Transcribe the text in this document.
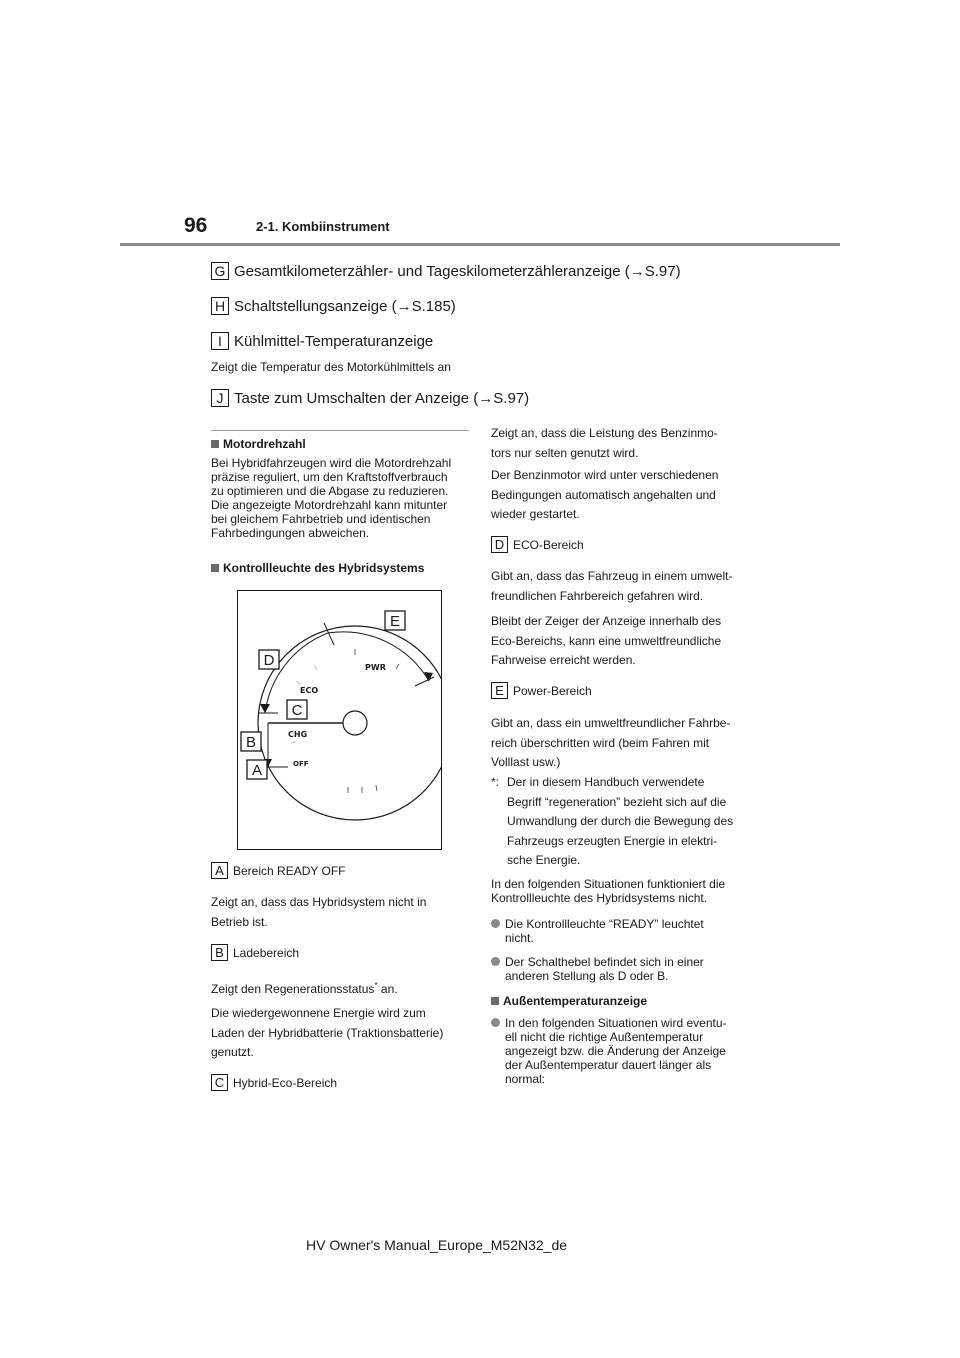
96	2-1. Kombiinstrument
G Gesamtkilometerzähler- und Tageskilometerzähleranzeige (→S.97)
H Schaltstellungsanzeige (→S.185)
I Kühlmittel-Temperaturanzeige
Zeigt die Temperatur des Motorkühlmittels an
J Taste zum Umschalten der Anzeige (→S.97)
Motordrehzahl
Bei Hybridfahrzeugen wird die Motordrehzahl
präzise reguliert, um den Kraftstoffverbrauch
zu optimieren und die Abgase zu reduzieren.
Die angezeigte Motordrehzahl kann mitunter
bei gleichem Fahrbetrieb und identischen
Fahrbedingungen abweichen.
Kontrollleuchte des Hybridsystems
PWR
ECO
CHG
OFF
E
D
C
B
A
A Bereich READY OFF
Zeigt an, dass das Hybridsystem nicht in
Betrieb ist.
B Ladebereich
Zeigt den Regenerationsstatus* an.
Die wiedergewonnene Energie wird zum
Laden der Hybridbatterie (Traktionsbatterie)
genutzt.
C Hybrid-Eco-Bereich
Zeigt an, dass die Leistung des Benzinmo-
tors nur selten genutzt wird.
Der Benzinmotor wird unter verschiedenen
Bedingungen automatisch angehalten und
wieder gestartet.
D ECO-Bereich
Gibt an, dass das Fahrzeug in einem umwelt-
freundlichen Fahrbereich gefahren wird.
Bleibt der Zeiger der Anzeige innerhalb des
Eco-Bereichs, kann eine umweltfreundliche
Fahrweise erreicht werden.
E Power-Bereich
Gibt an, dass ein umweltfreundlicher Fahrbe-
reich überschritten wird (beim Fahren mit
Volllast usw.)
*: Der in diesem Handbuch verwendete
Begriff “regeneration” bezieht sich auf die
Umwandlung der durch die Bewegung des
Fahrzeugs erzeugten Energie in elektri-
sche Energie.
In den folgenden Situationen funktioniert die
Kontrollleuchte des Hybridsystems nicht.
Die Kontrollleuchte “READY” leuchtet
nicht.
Der Schalthebel befindet sich in einer
anderen Stellung als D oder B.
Außentemperaturanzeige
In den folgenden Situationen wird eventu-
ell nicht die richtige Außentemperatur
angezeigt bzw. die Änderung der Anzeige
der Außentemperatur dauert länger als
normal:
HV Owner's Manual_Europe_M52N32_de
